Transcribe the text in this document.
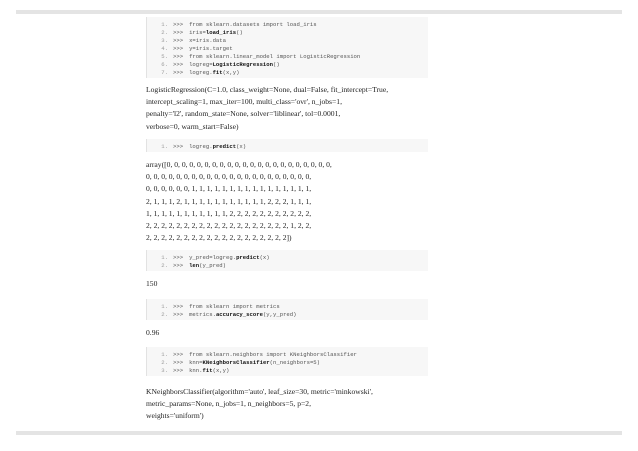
1. >>>	from sklearn.datasets import load_iris
2. >>>	iris=load_iris()
3. >>>	x=iris.data
4. >>>	y=iris.target
5. >>>	from sklearn.linear_model import LogisticRegression
6. >>>	logreg=LogisticRegression()
7. >>>	logreg.fit(x,y)
LogisticRegression(C=1.0, class_weight=None, dual=False, fit_intercept=True,
intercept_scaling=1, max_iter=100, multi_class='ovr', n_jobs=1,
penalty='l2', random_state=None, solver='liblinear', tol=0.0001,
verbose=0, warm_start=False)
1. >>>	logreg.predict(x)
array([0, 0, 0, 0, 0, 0, 0, 0, 0, 0, 0, 0, 0, 0, 0, 0, 0, 0, 0, 0, 0, 0,
0, 0, 0, 0, 0, 0, 0, 0, 0, 0, 0, 0, 0, 0, 0, 0, 0, 0, 0, 0, 0, 0,
0, 0, 0, 0, 0, 0, 1, 1, 1, 1, 1, 1, 1, 1, 1, 1, 1, 1, 1, 1, 1, 1,
2, 1, 1, 1, 2, 1, 1, 1, 1, 1, 1, 1, 1, 1, 1, 1, 2, 2, 2, 1, 1, 1,
1, 1, 1, 1, 1, 1, 1, 1, 1, 1, 1, 2, 2, 2, 2, 2, 2, 2, 2, 2, 2, 2,
2, 2, 2, 2, 2, 2, 2, 2, 2, 2, 2, 2, 2, 2, 2, 2, 2, 2, 2, 1, 2, 2,
2, 2, 2, 2, 2, 2, 2, 2, 2, 2, 2, 2, 2, 2, 2, 2, 2, 2, 2])
1. >>>	y_pred=logreg.predict(x)
2. >>>	len(y_pred)
150
1. >>>	from sklearn import metrics
2. >>>	metrics.accuracy_score(y,y_pred)
0.96
1. >>>	from sklearn.neighbors import KNeighborsClassifier
2. >>>	knn=KNeighborsClassifier(n_neighbors=5)
3. >>>	knn.fit(x,y)
KNeighborsClassifier(algorithm='auto', leaf_size=30, metric='minkowski',
metric_params=None, n_jobs=1, n_neighbors=5, p=2,
weights='uniform')
